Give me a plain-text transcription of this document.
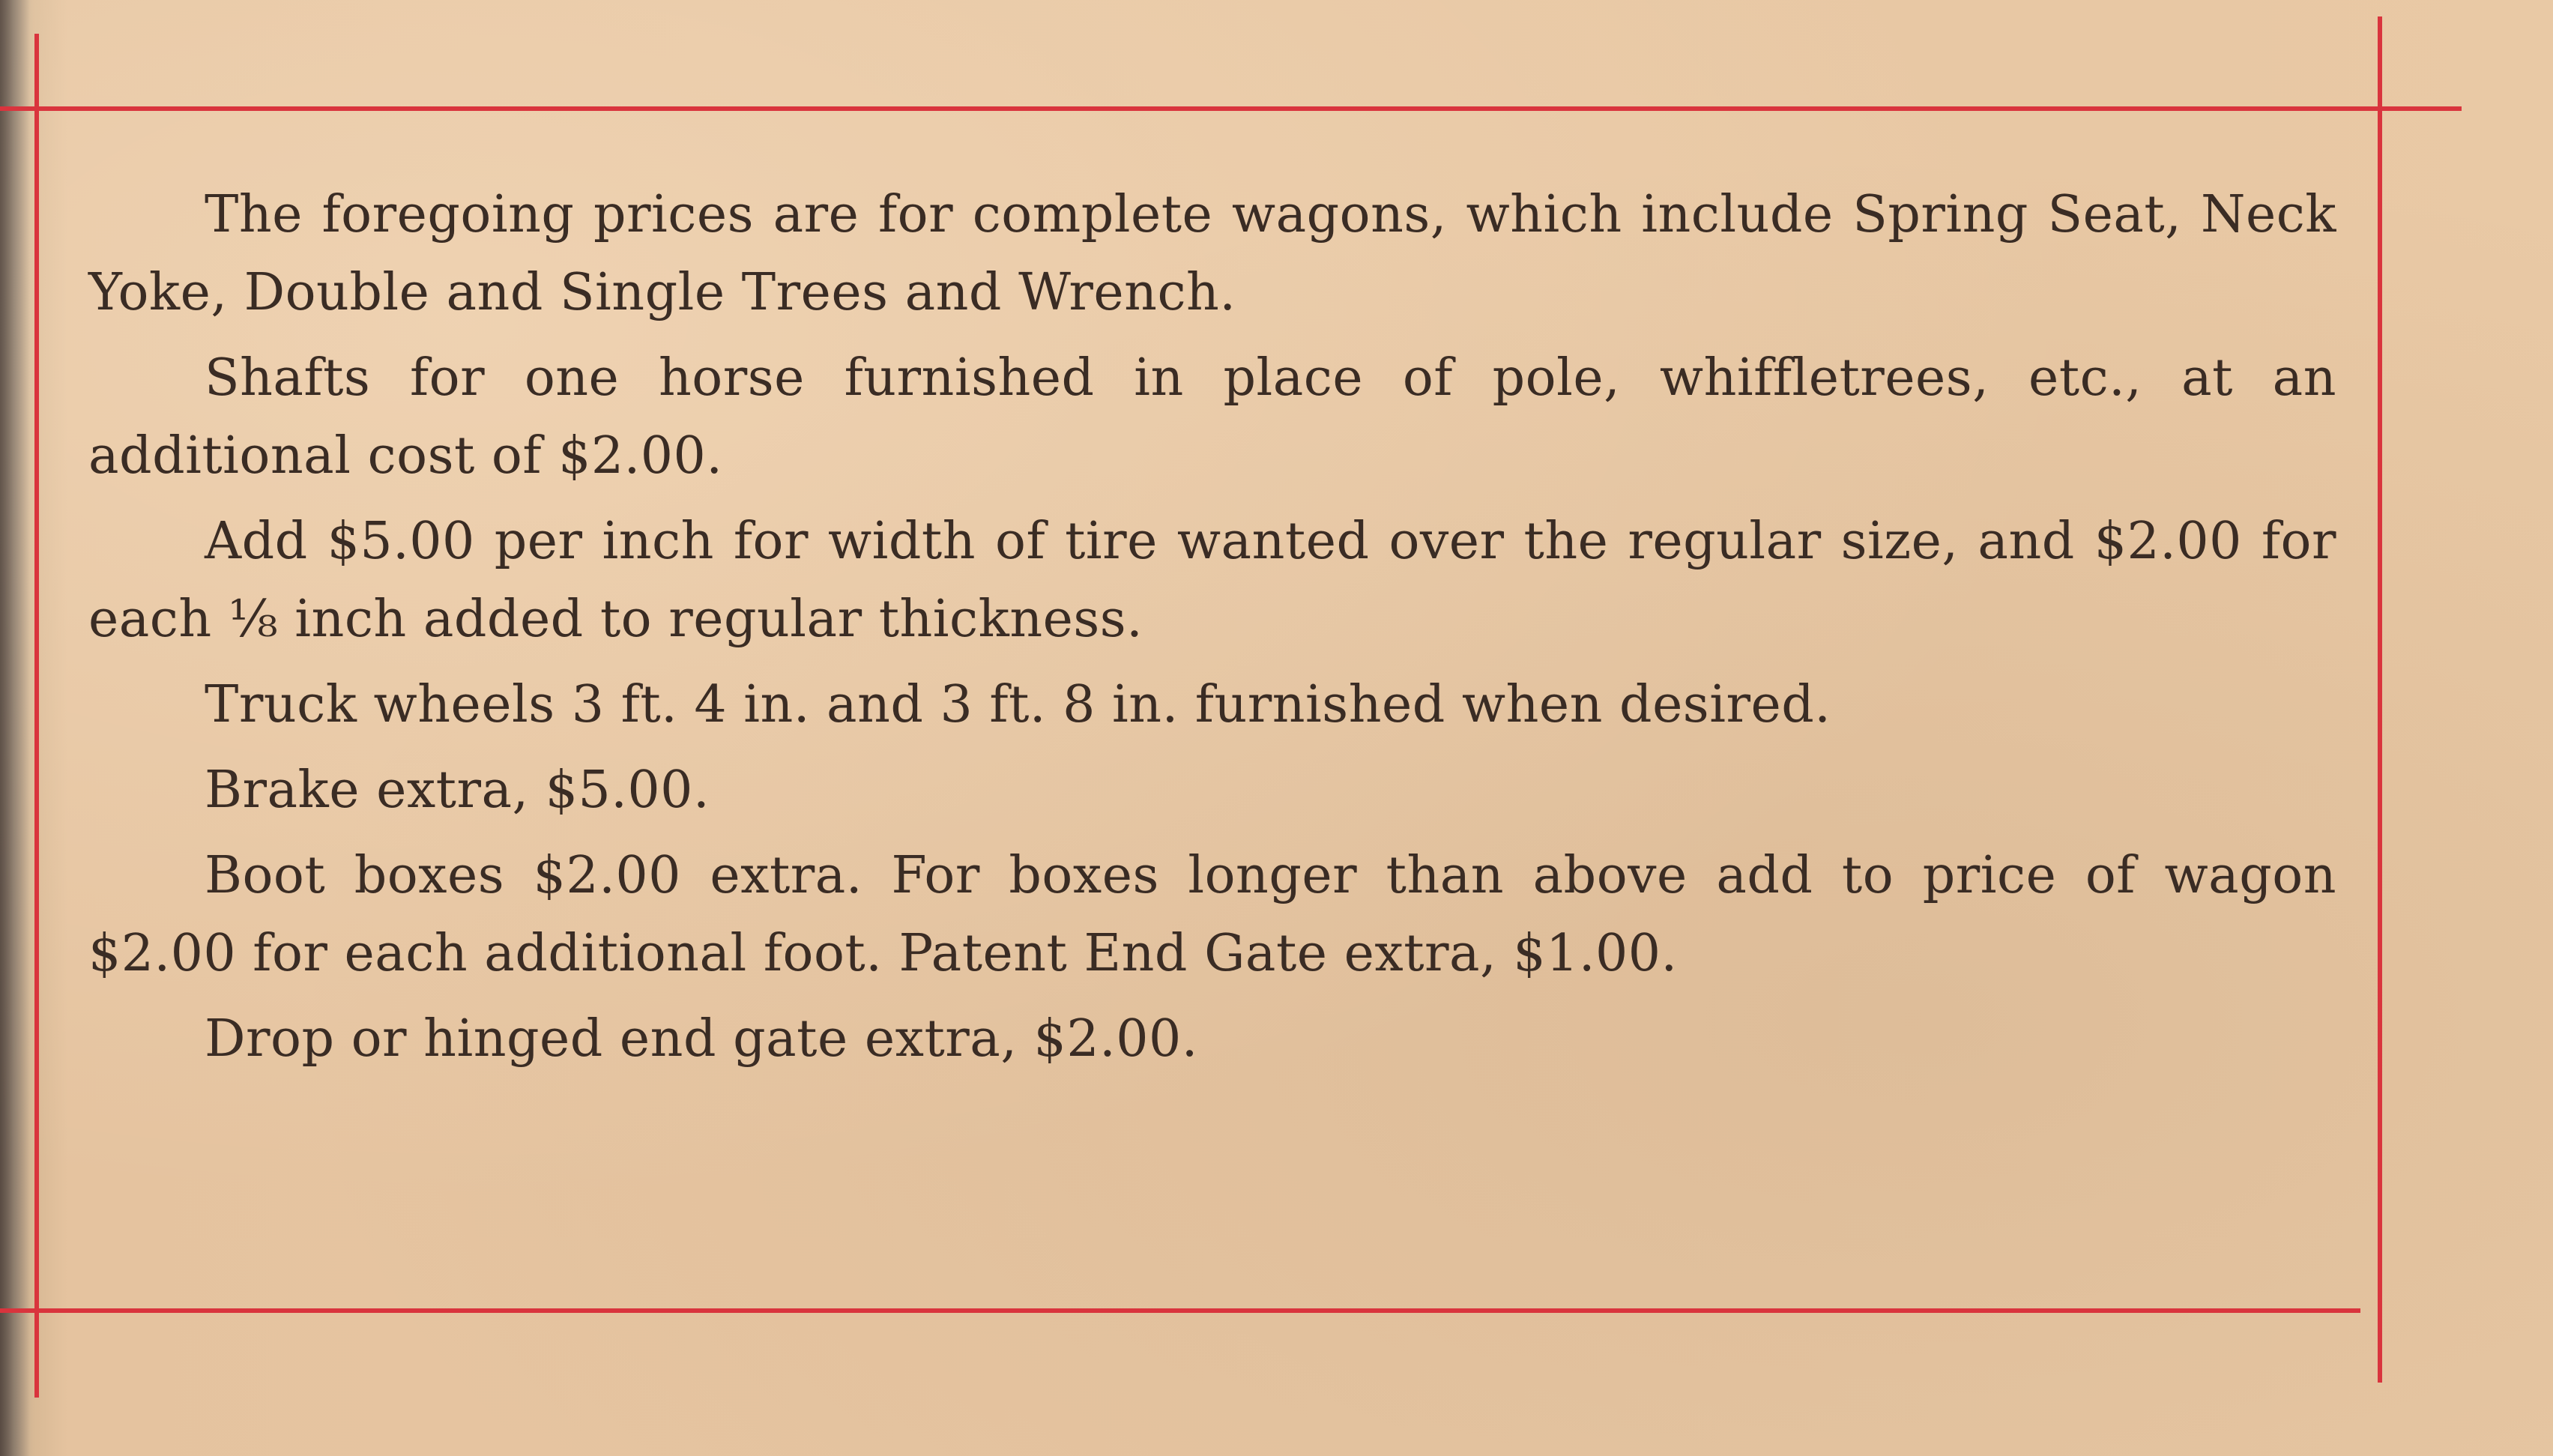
The foregoing prices are for complete wagons, which include Spring Seat, Neck Yoke, Double and Single Trees and Wrench.

Shafts for one horse furnished in place of pole, whiffletrees, etc., at an additional cost of $2.00.

Add $5.00 per inch for width of tire wanted over the regular size, and $2.00 for each ⅛ inch added to regular thickness.

Truck wheels 3 ft. 4 in. and 3 ft. 8 in. furnished when desired.

Brake extra, $5.00.

Boot boxes $2.00 extra. For boxes longer than above add to price of wagon $2.00 for each additional foot. Patent End Gate extra, $1.00.

Drop or hinged end gate extra, $2.00.
